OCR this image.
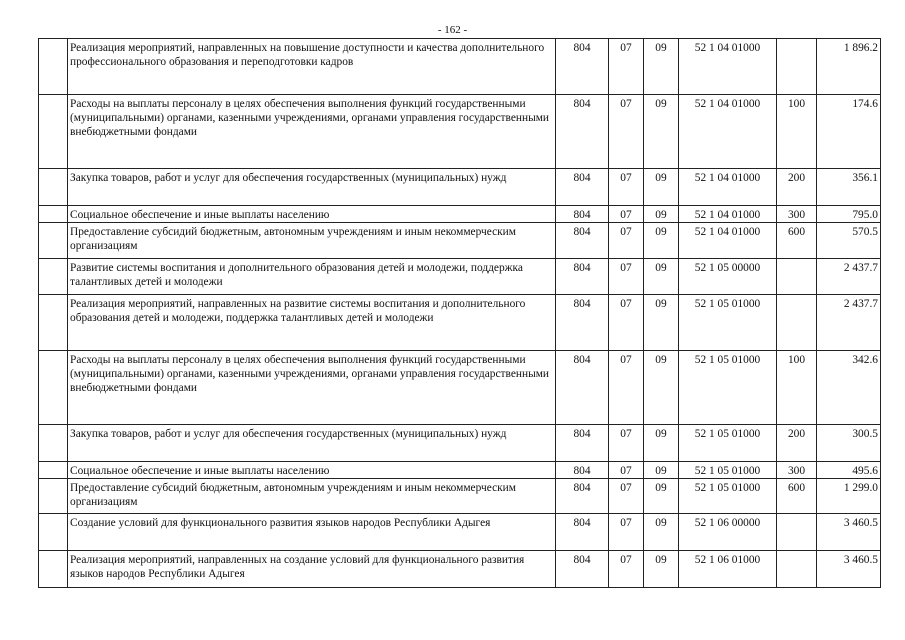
- 162 -
	Реализация мероприятий, направленных на повышение доступности и качества дополнительного профессионального образования и переподготовки кадров	804	07	09	52 1 04 01000		1 896.2
	Расходы на выплаты персоналу в целях обеспечения выполнения функций государственными (муниципальными) органами, казенными учреждениями, органами управления государственными внебюджетными фондами	804	07	09	52 1 04 01000	100	174.6
	Закупка товаров, работ и услуг для обеспечения государственных (муниципальных) нужд	804	07	09	52 1 04 01000	200	356.1
	Социальное обеспечение и иные выплаты населению	804	07	09	52 1 04 01000	300	795.0
	Предоставление субсидий бюджетным, автономным учреждениям и иным некоммерческим организациям	804	07	09	52 1 04 01000	600	570.5
	Развитие системы воспитания и дополнительного образования детей и молодежи, поддержка талантливых детей и молодежи	804	07	09	52 1 05 00000		2 437.7
	Реализация мероприятий, направленных на развитие системы воспитания и дополнительного образования детей и молодежи, поддержка талантливых детей и молодежи	804	07	09	52 1 05 01000		2 437.7
	Расходы на выплаты персоналу в целях обеспечения выполнения функций государственными (муниципальными) органами, казенными учреждениями, органами управления государственными внебюджетными фондами	804	07	09	52 1 05 01000	100	342.6
	Закупка товаров, работ и услуг для обеспечения государственных (муниципальных) нужд	804	07	09	52 1 05 01000	200	300.5
	Социальное обеспечение и иные выплаты населению	804	07	09	52 1 05 01000	300	495.6
	Предоставление субсидий бюджетным, автономным учреждениям и иным некоммерческим организациям	804	07	09	52 1 05 01000	600	1 299.0
	Создание условий для функционального развития языков народов Республики Адыгея	804	07	09	52 1 06 00000		3 460.5
	Реализация мероприятий, направленных на создание условий для функционального развития языков народов Республики Адыгея	804	07	09	52 1 06 01000		3 460.5
